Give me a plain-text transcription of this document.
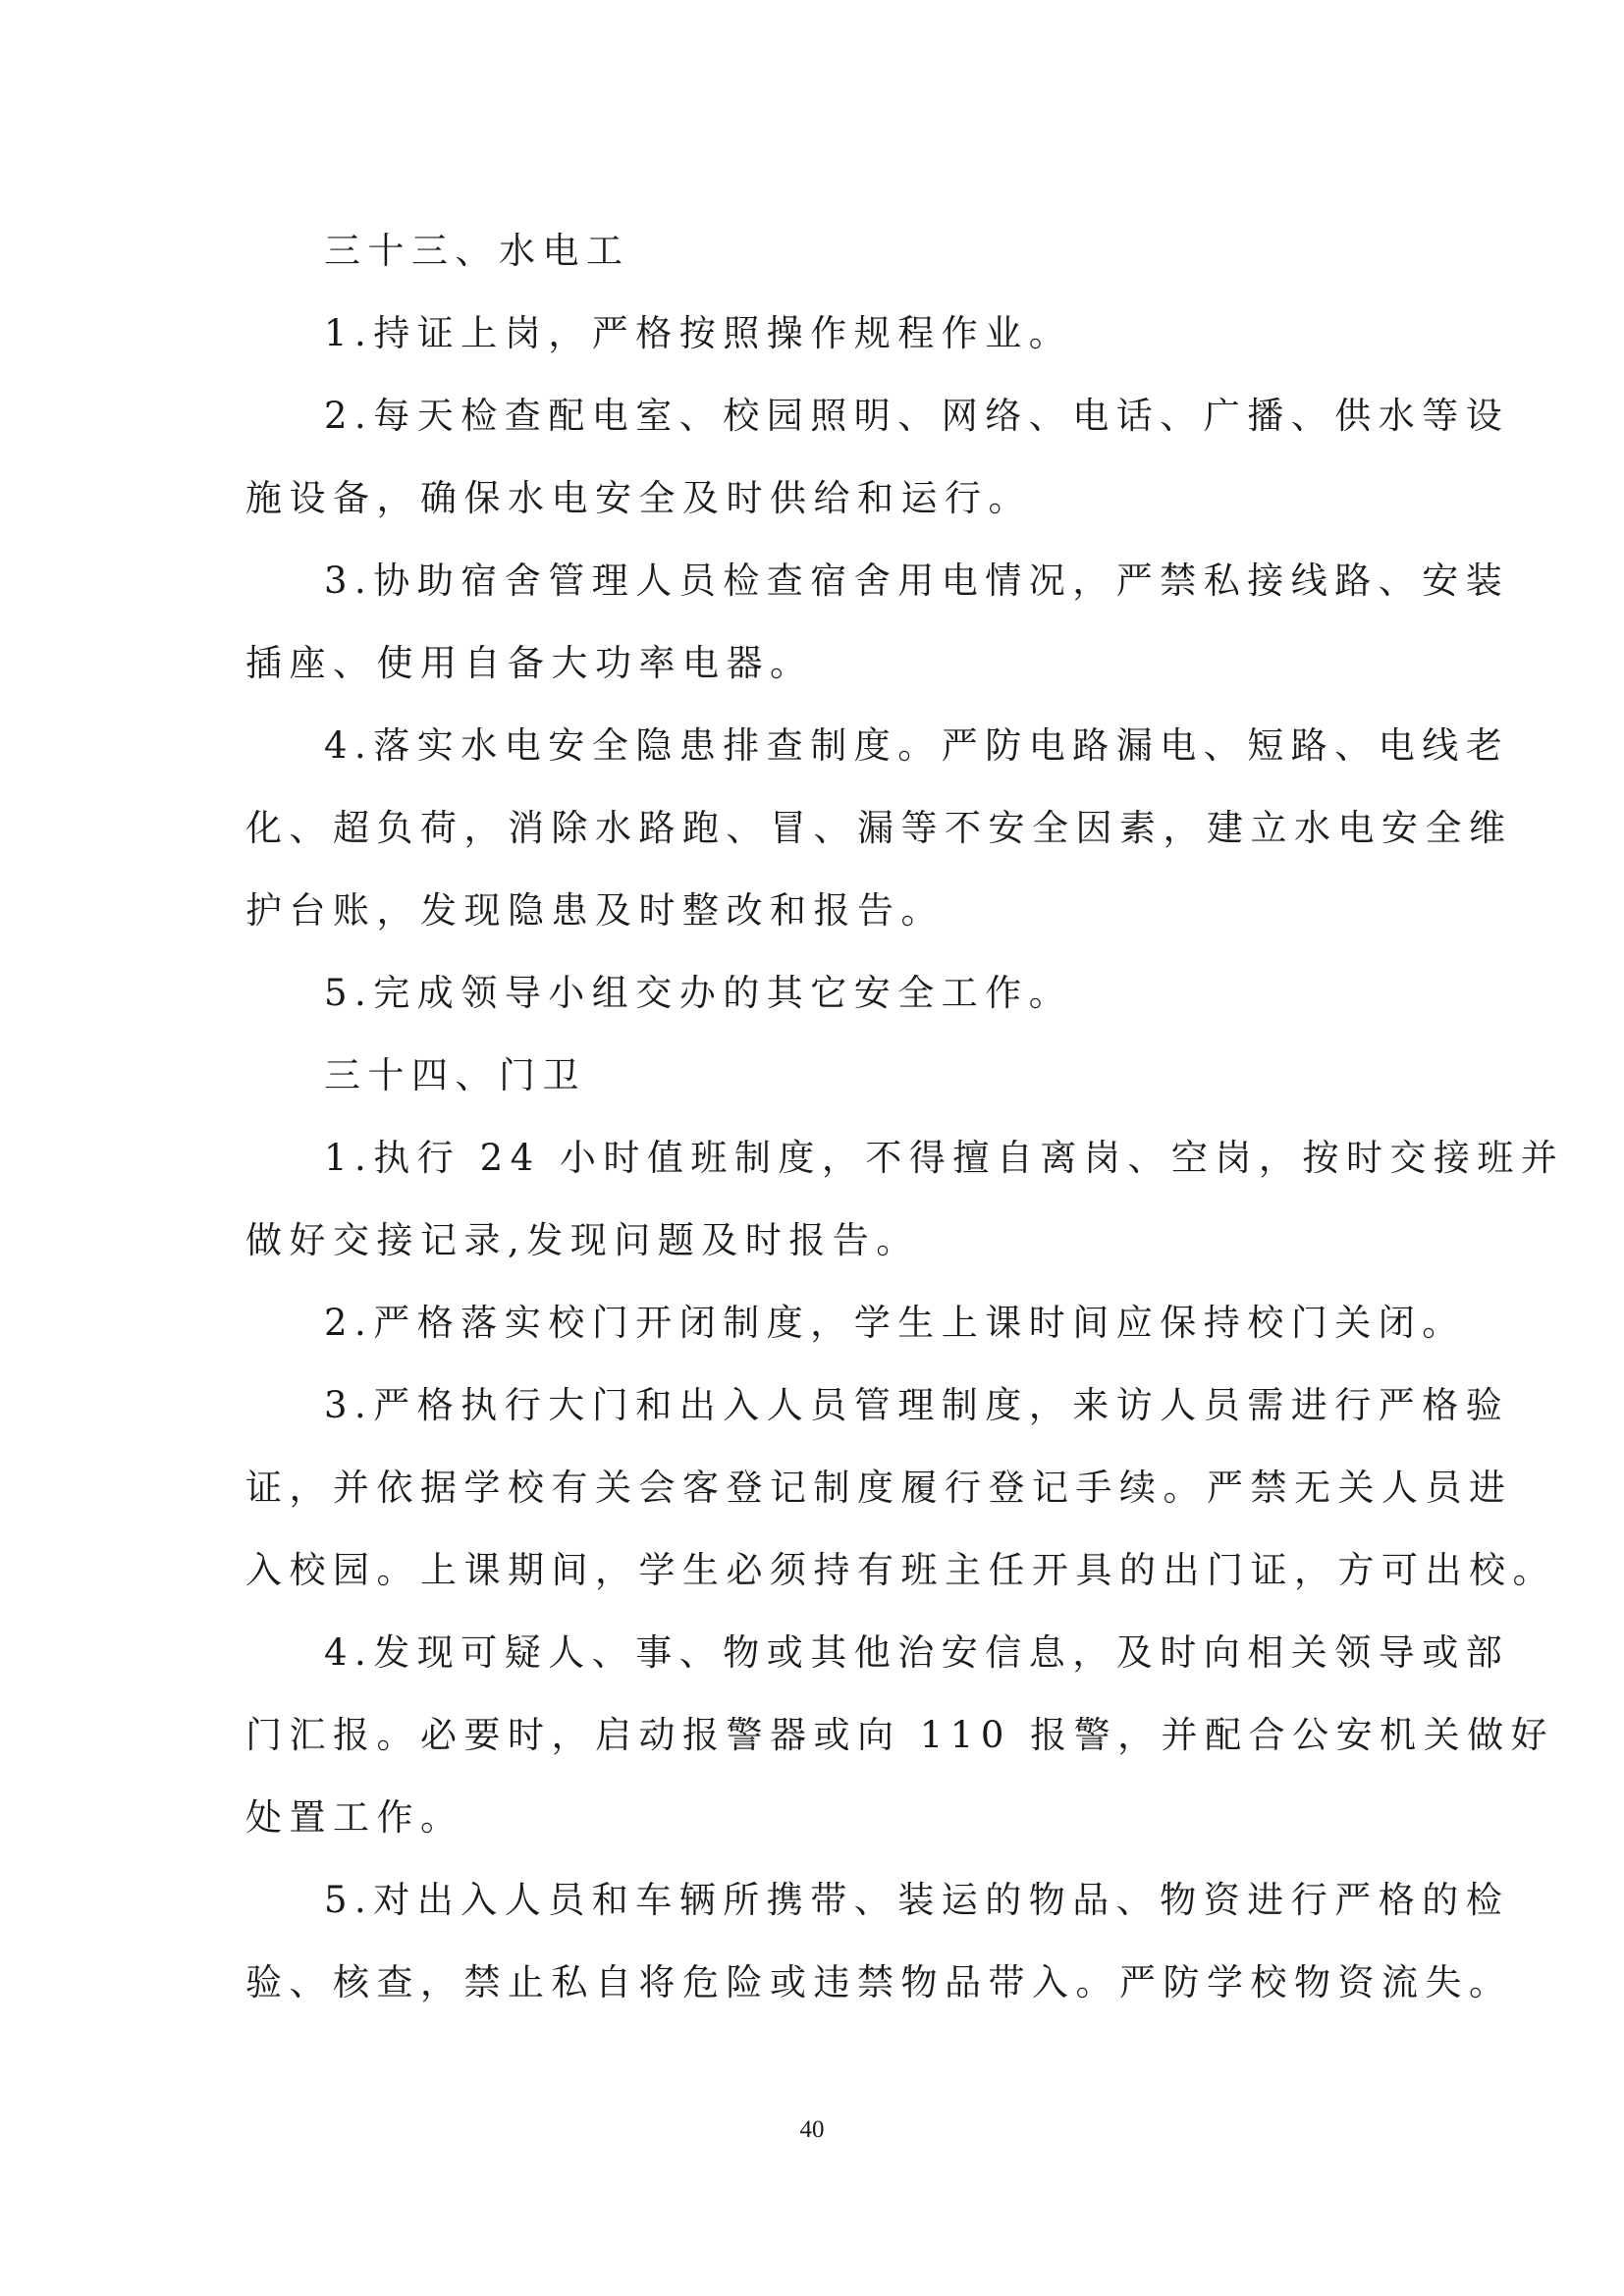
三十三、水电工
1.持证上岗，严格按照操作规程作业。
2.每天检查配电室、校园照明、网络、电话、广播、供水等设
施设备，确保水电安全及时供给和运行。
3.协助宿舍管理人员检查宿舍用电情况，严禁私接线路、安装
插座、使用自备大功率电器。
4.落实水电安全隐患排查制度。严防电路漏电、短路、电线老
化、超负荷，消除水路跑、冒、漏等不安全因素，建立水电安全维
护台账，发现隐患及时整改和报告。
5.完成领导小组交办的其它安全工作。
三十四、门卫
1.执行 24 小时值班制度，不得擅自离岗、空岗，按时交接班并
做好交接记录,发现问题及时报告。
2.严格落实校门开闭制度，学生上课时间应保持校门关闭。
3.严格执行大门和出入人员管理制度，来访人员需进行严格验
证，并依据学校有关会客登记制度履行登记手续。严禁无关人员进
入校园。上课期间，学生必须持有班主任开具的出门证，方可出校。
4.发现可疑人、事、物或其他治安信息，及时向相关领导或部
门汇报。必要时，启动报警器或向 110 报警，并配合公安机关做好
处置工作。
5.对出入人员和车辆所携带、装运的物品、物资进行严格的检
验、核查，禁止私自将危险或违禁物品带入。严防学校物资流失。
40
